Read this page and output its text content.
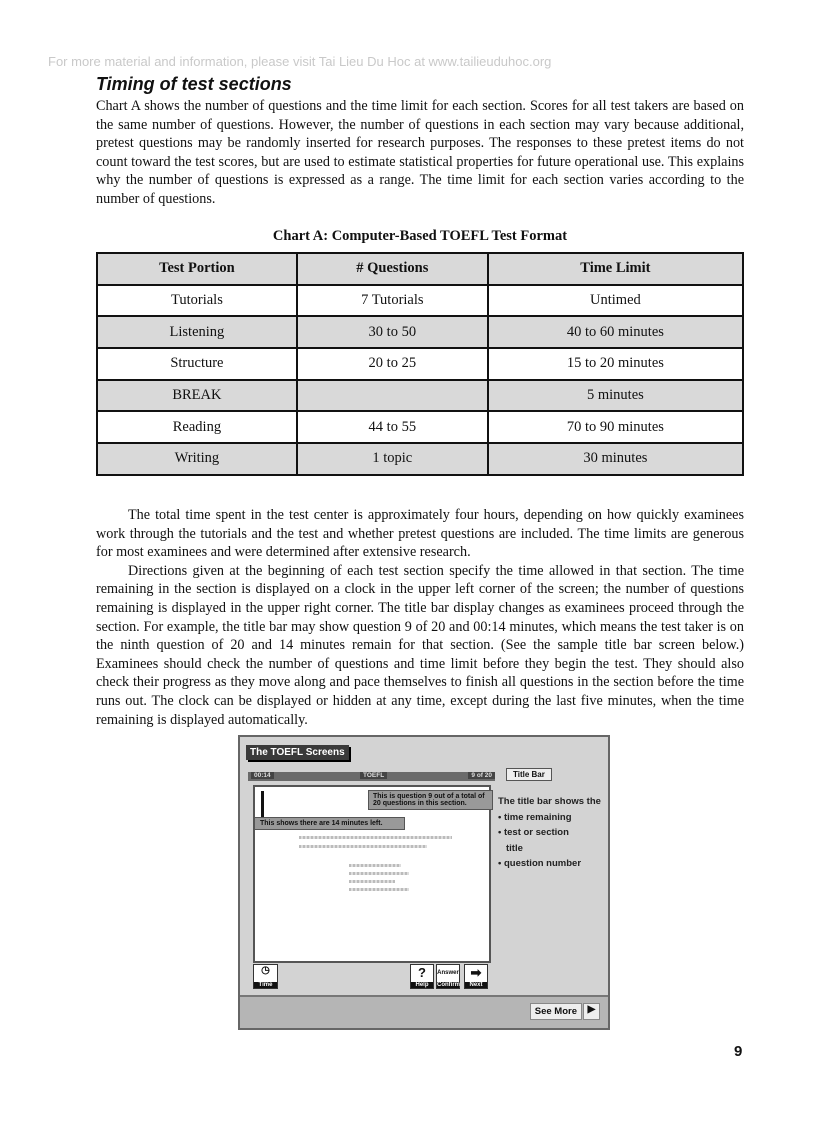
For more material and information, please visit Tai Lieu Du Hoc at www.tailieuduhoc.org
Timing of test sections

Chart A shows the number of questions and the time limit for each section. Scores for all test takers are based on the same number of questions. However, the number of questions in each section may vary because additional, pretest questions may be randomly inserted for research purposes. The responses to these pretest items do not count toward the test scores, but are used to estimate statistical properties for future operational use. This explains why the number of questions is expressed as a range. The time limit for each section varies according to the number of questions.

Chart A: Computer-Based TOEFL Test Format
Test Portion	# Questions	Time Limit
Tutorials	7 Tutorials	Untimed
Listening	30 to 50	40 to 60 minutes
Structure	20 to 25	15 to 20 minutes
BREAK		5 minutes
Reading	44 to 55	70 to 90 minutes
Writing	1 topic	30 minutes

The total time spent in the test center is approximately four hours, depending on how quickly examinees work through the tutorials and the test and whether pretest questions are included. The time limits are generous for most examinees and were determined after extensive research.

Directions given at the beginning of each test section specify the time allowed in that section. The time remaining in the section is displayed on a clock in the upper left corner of the screen; the number of questions remaining is displayed in the upper right corner. The title bar display changes as examinees proceed through the section. For example, the title bar may show question 9 of 20 and 00:14 minutes, which means the test taker is on the ninth question of 20 and 14 minutes remain for that section. (See the sample title bar screen below.) Examinees should check the number of questions and time limit before they begin the test. They should also check their progress as they move along and pace themselves to finish all questions in the section before the time runs out. The clock can be displayed or hidden at any time, except during the last five minutes, when the time remaining is displayed automatically.

The TOEFL Screens
00:14	TOEFL	9 of 20	Title Bar
This is question 9 out of a total of 20 questions in this section.
This shows there are 14 minutes left.
◷
Time
?
Help
Answer
Confirm
➡
Next
The title bar shows the
• time remaining
• test or section
title
• question number
See More	▶
9
